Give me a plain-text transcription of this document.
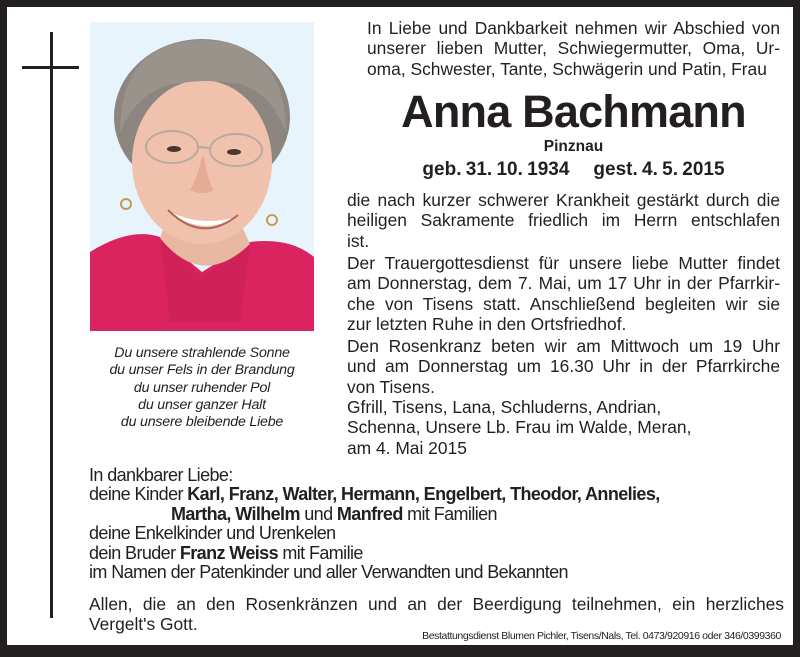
Du unsere strahlende Sonne
du unser Fels in der Brandung
du unser ruhender Pol
du unser ganzer Halt
du unsere bleibende Liebe
In Liebe und Dankbarkeit nehmen wir Abschied von
unserer lieben Mutter, Schwiegermutter, Oma, Ur-
oma, Schwester, Tante, Schwägerin und Patin, Frau
Anna Bachmann
Pinznau
geb. 31. 10. 1934 gest. 4. 5. 2015
die nach kurzer schwerer Krankheit gestärkt durch die
heiligen Sakramente friedlich im Herrn entschlafen
ist.
Der Trauergottesdienst für unsere liebe Mutter findet
am Donnerstag, dem 7. Mai, um 17 Uhr in der Pfarrkir-
che von Tisens statt. Anschließend begleiten wir sie
zur letzten Ruhe in den Ortsfriedhof.
Den Rosenkranz beten wir am Mittwoch um 19 Uhr
und am Donnerstag um 16.30 Uhr in der Pfarrkirche
von Tisens.
Gfrill, Tisens, Lana, Schluderns, Andrian,
Schenna, Unsere Lb. Frau im Walde, Meran,
am 4. Mai 2015
In dankbarer Liebe:
deine Kinder Karl, Franz, Walter, Hermann, Engelbert, Theodor, Annelies,
Martha, Wilhelm und Manfred mit Familien
deine Enkelkinder und Urenkelen
dein Bruder Franz Weiss mit Familie
im Namen der Patenkinder und aller Verwandten und Bekannten
Allen, die an den Rosenkränzen und an der Beerdigung teilnehmen, ein herzliches
Vergelt's Gott.
Bestattungsdienst Blumen Pichler, Tisens/Nals, Tel. 0473/920916 oder 346/0399360
